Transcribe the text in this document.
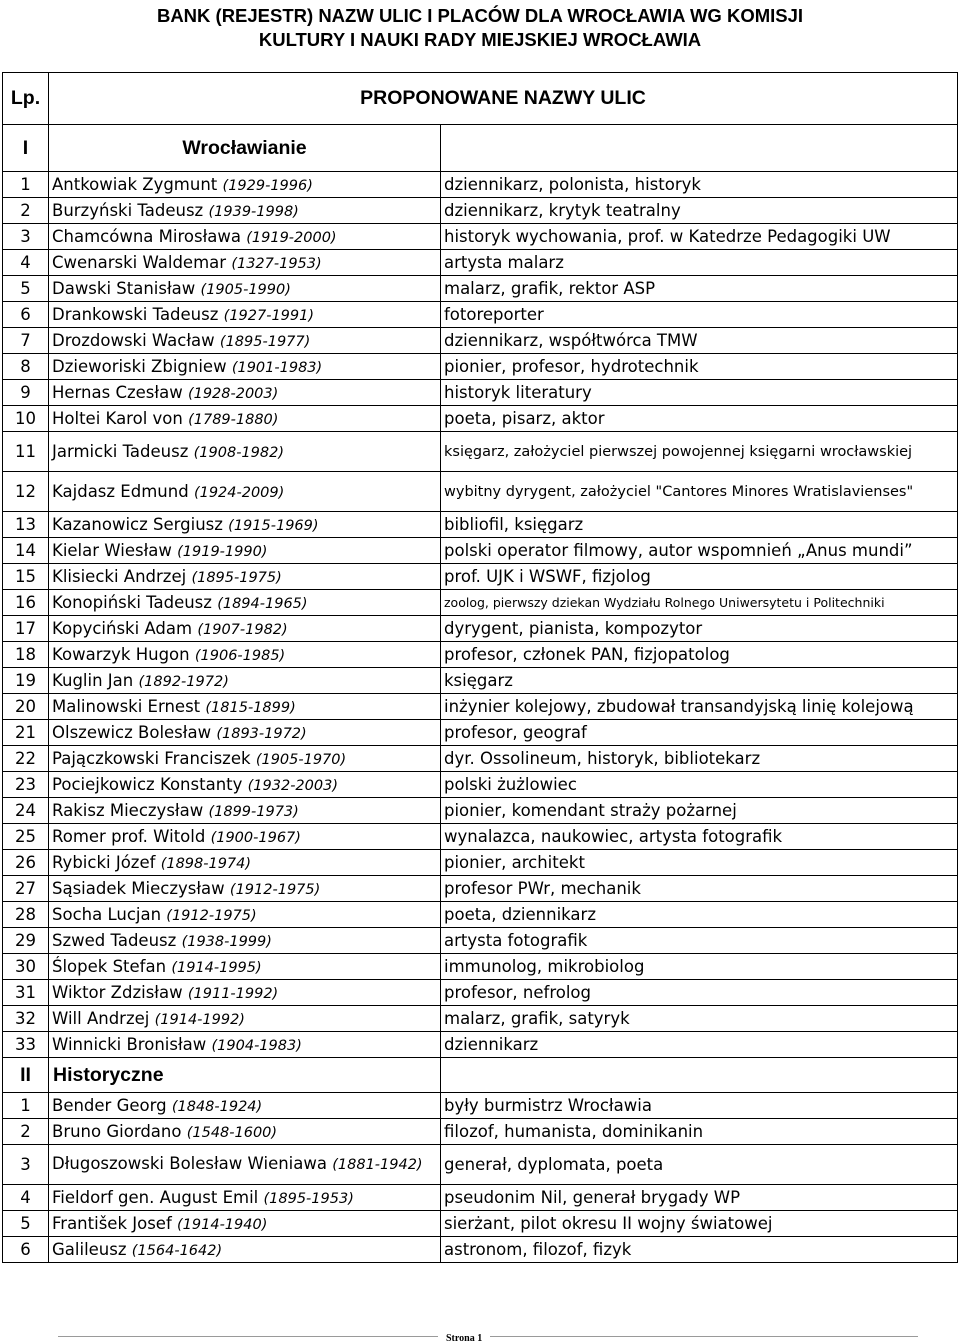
BANK (REJESTR) NAZW ULIC I PLACÓW DLA WROCŁAWIA WG KOMISJI
KULTURY I NAUKI RADY MIEJSKIEJ WROCŁAWIA
Lp.	PROPONOWANE NAZWY ULIC	
I	Wrocławianie	
1	Antkowiak Zygmunt (1929-1996)	dziennikarz, polonista, historyk
2	Burzyński Tadeusz (1939-1998)	dziennikarz, krytyk teatralny
3	Chamcówna Mirosława (1919-2000)	historyk wychowania, prof. w Katedrze Pedagogiki UW
4	Cwenarski Waldemar (1327-1953)	artysta malarz
5	Dawski Stanisław (1905-1990)	malarz, grafik, rektor ASP
6	Drankowski Tadeusz (1927-1991)	fotoreporter
7	Drozdowski Wacław (1895-1977)	dziennikarz, współtwórca TMW
8	Dzieworiski Zbigniew (1901-1983)	pionier, profesor, hydrotechnik
9	Hernas Czesław (1928-2003)	historyk literatury
10	Holtei Karol von (1789-1880)	poeta, pisarz, aktor
11	Jarmicki Tadeusz (1908-1982)	księgarz, założyciel pierwszej powojennej księgarni wrocławskiej
12	Kajdasz Edmund (1924-2009)	wybitny dyrygent, założyciel "Cantores Minores Wratislavienses"
13	Kazanowicz Sergiusz (1915-1969)	bibliofil, księgarz
14	Kielar Wiesław (1919-1990)	polski operator filmowy, autor wspomnień „Anus mundi”
15	Klisiecki Andrzej (1895-1975)	prof. UJK i WSWF, fizjolog
16	Konopiński Tadeusz (1894-1965)	zoolog, pierwszy dziekan Wydziału Rolnego Uniwersytetu i Politechniki
17	Kopyciński Adam (1907-1982)	dyrygent, pianista, kompozytor
18	Kowarzyk Hugon (1906-1985)	profesor, członek PAN, fizjopatolog
19	Kuglin Jan (1892-1972)	księgarz
20	Malinowski Ernest (1815-1899)	inżynier kolejowy, zbudował transandyjską linię kolejową
21	Olszewicz Bolesław (1893-1972)	profesor, geograf
22	Pajączkowski Franciszek (1905-1970)	dyr. Ossolineum, historyk, bibliotekarz
23	Pociejkowicz Konstanty (1932-2003)	polski żużlowiec
24	Rakisz Mieczysław (1899-1973)	pionier, komendant straży pożarnej
25	Romer prof. Witold (1900-1967)	wynalazca, naukowiec, artysta fotografik
26	Rybicki Józef (1898-1974)	pionier, architekt
27	Sąsiadek Mieczysław (1912-1975)	profesor PWr, mechanik
28	Socha Lucjan (1912-1975)	poeta, dziennikarz
29	Szwed Tadeusz (1938-1999)	artysta fotografik
30	Ślopek Stefan (1914-1995)	immunolog, mikrobiolog
31	Wiktor Zdzisław (1911-1992)	profesor, nefrolog
32	Will Andrzej (1914-1992)	malarz, grafik, satyryk
33	Winnicki Bronisław (1904-1983)	dziennikarz
II	Historyczne	
1	Bender Georg (1848-1924)	były burmistrz Wrocławia
2	Bruno Giordano (1548-1600)	filozof, humanista, dominikanin
3	Długoszowski Bolesław Wieniawa (1881-1942)	generał, dyplomata, poeta
4	Fieldorf gen. August Emil (1895-1953)	pseudonim Nil, generał brygady WP
5	František Josef (1914-1940)	sierżant, pilot okresu II wojny światowej
6	Galileusz (1564-1642)	astronom, filozof, fizyk
Strona 1
